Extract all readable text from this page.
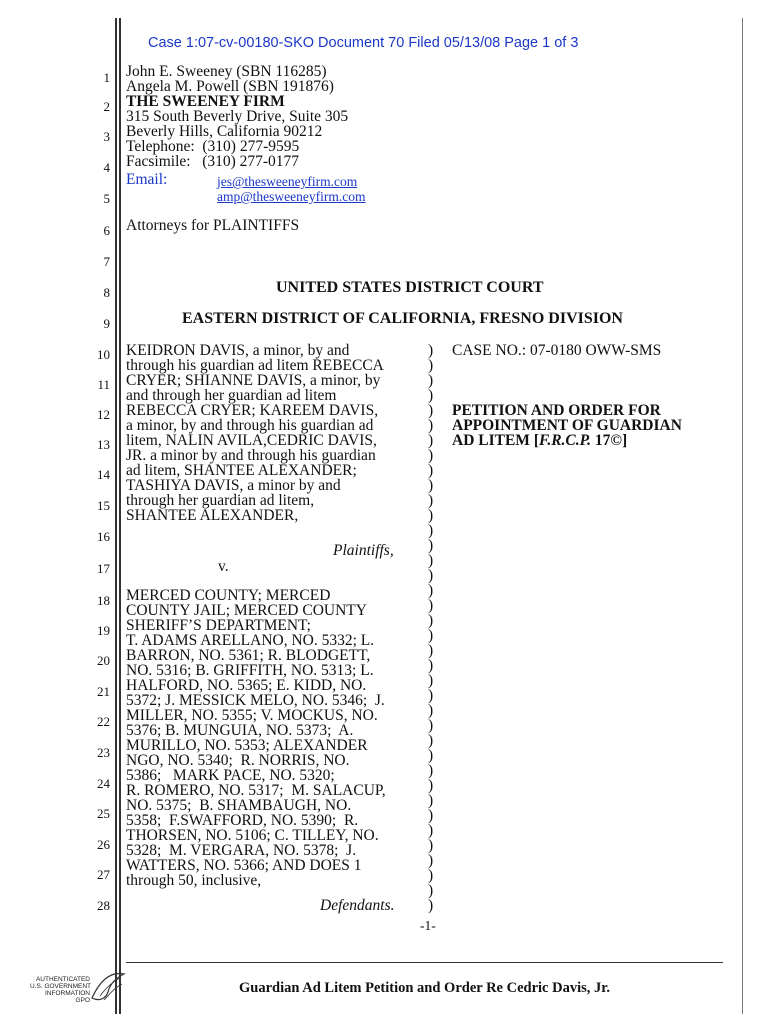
Case 1:07-cv-00180-SKO Document 70 Filed 05/13/08 Page 1 of 3
1
2
3
4
5
6
7
8
9
10
11
12
13
14
15
16
17
18
19
20
21
22
23
24
25
26
27
28
John E. Sweeney (SBN 116285)
Angela M. Powell (SBN 191876)
THE SWEENEY FIRM
315 South Beverly Drive, Suite 305
Beverly Hills, California 90212
Telephone:  (310) 277-9595
Facsimile:   (310) 277-0177
Email:	jes@thesweeneyfirm.com
amp@thesweeneyfirm.com
Attorneys for PLAINTIFFS
UNITED STATES DISTRICT COURT
EASTERN DISTRICT OF CALIFORNIA, FRESNO DIVISION
KEIDRON DAVIS, a minor, by and
through his guardian ad litem REBECCA
CRYER; SHIANNE DAVIS, a minor, by
and through her guardian ad litem
REBECCA CRYER; KAREEM DAVIS,
a minor, by and through his guardian ad
litem, NALIN AVILA,CEDRIC DAVIS,
JR. a minor by and through his guardian
ad litem, SHANTEE ALEXANDER;
TASHIYA DAVIS, a minor by and
through her guardian ad litem,
SHANTEE ALEXANDER,
Plaintiffs,
v.
MERCED COUNTY; MERCED
COUNTY JAIL; MERCED COUNTY
SHERIFF’S DEPARTMENT;
T. ADAMS ARELLANO, NO. 5332; L.
BARRON, NO. 5361; R. BLODGETT,
NO. 5316; B. GRIFFITH, NO. 5313; L.
HALFORD, NO. 5365; E. KIDD, NO.
5372; J. MESSICK MELO, NO. 5346;  J.
MILLER, NO. 5355; V. MOCKUS, NO.
5376; B. MUNGUIA, NO. 5373;  A.
MURILLO, NO. 5353; ALEXANDER
NGO, NO. 5340;  R. NORRIS, NO.
5386;   MARK PACE, NO. 5320;
R. ROMERO, NO. 5317;  M. SALACUP,
NO. 5375;  B. SHAMBAUGH, NO.
5358;  F.SWAFFORD, NO. 5390;  R.
THORSEN, NO. 5106; C. TILLEY, NO.
5328;  M. VERGARA, NO. 5378;  J.
WATTERS, NO. 5366; AND DOES 1
through 50, inclusive,
Defendants.
)
)
)
)
)
)
)
)
)
)
)
)
)
)
)
)
)
)
)
)
)
)
)
)
)
)
)
)
)
)
)
)
)
)
)
)
)
)
CASE NO.: 07-0180 OWW-SMS
PETITION AND ORDER FOR
APPOINTMENT OF GUARDIAN
AD LITEM [F.R.C.P. 17©]
-1-
Guardian Ad Litem Petition and Order Re Cedric Davis, Jr.
AUTHENTICATED
U.S. GOVERNMENT
INFORMATION
GPO
